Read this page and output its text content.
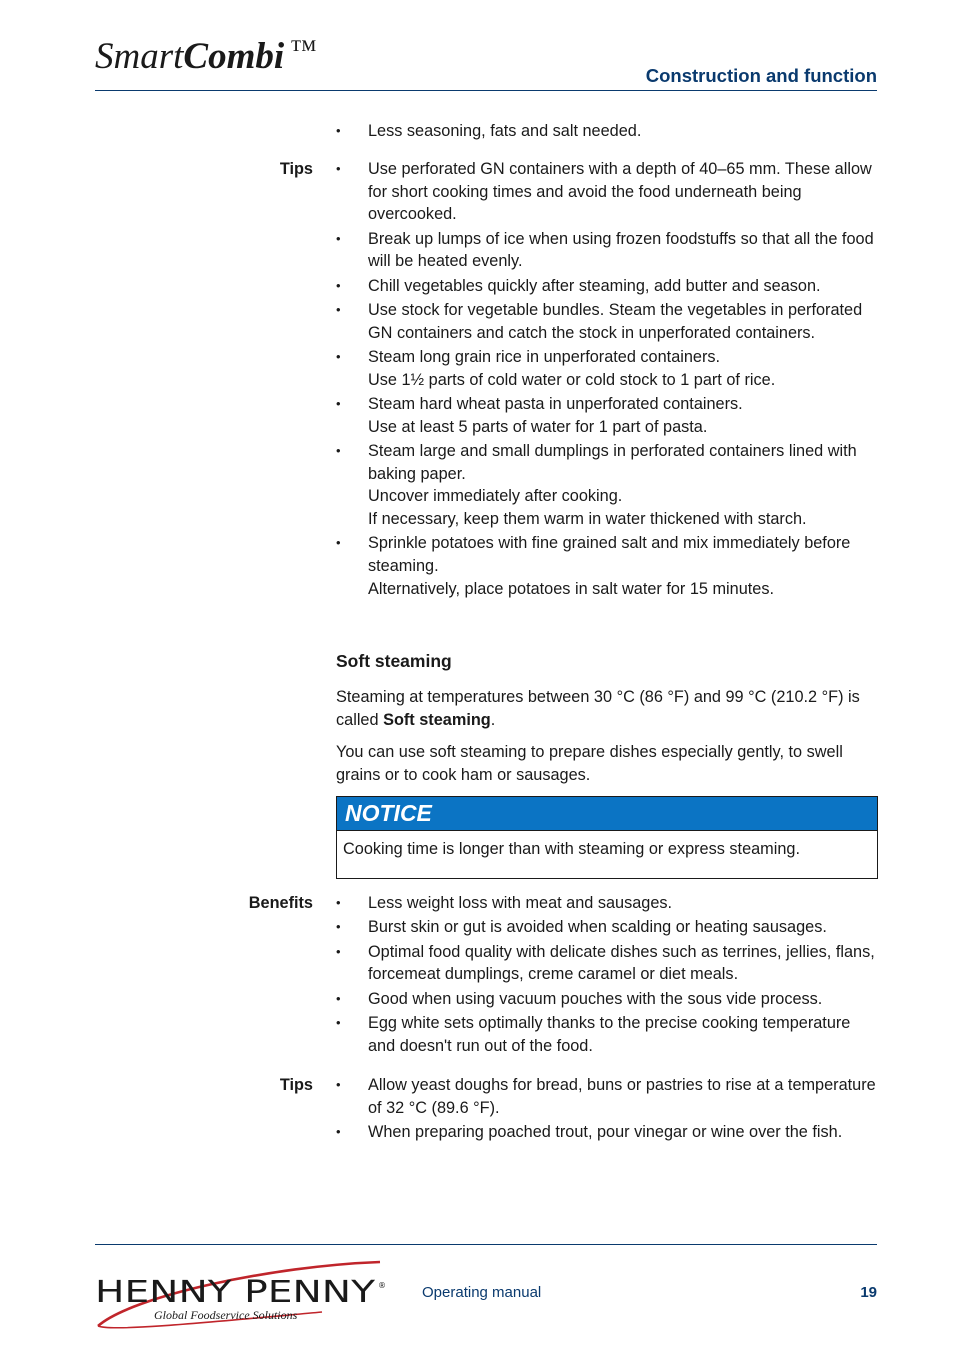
SmartCombi ™
Construction and function
• Less seasoning, fats and salt needed.
Tips • Use perforated GN containers with a depth of 40–65 mm. These allow for short cooking times and avoid the food underneath being overcooked.
• Break up lumps of ice when using frozen foodstuffs so that all the food will be heated evenly.
• Chill vegetables quickly after steaming, add butter and season.
• Use stock for vegetable bundles. Steam the vegetables in perforated GN containers and catch the stock in unperforated containers.
• Steam long grain rice in unperforated containers.
Use 1½ parts of cold water or cold stock to 1 part of rice.
• Steam hard wheat pasta in unperforated containers.
Use at least 5 parts of water for 1 part of pasta.
• Steam large and small dumplings in perforated containers lined with baking paper.
Uncover immediately after cooking.
If necessary, keep them warm in water thickened with starch.
• Sprinkle potatoes with fine grained salt and mix immediately before steaming.
Alternatively, place potatoes in salt water for 15 minutes.
Soft steaming
Steaming at temperatures between 30 °C (86 °F) and 99 °C (210.2 °F) is called Soft steaming.
You can use soft steaming to prepare dishes especially gently, to swell grains or to cook ham or sausages.
NOTICE
Cooking time is longer than with steaming or express steaming.
Benefits • Less weight loss with meat and sausages.
• Burst skin or gut is avoided when scalding or heating sausages.
• Optimal food quality with delicate dishes such as terrines, jellies, flans, forcemeat dumplings, creme caramel or diet meals.
• Good when using vacuum pouches with the sous vide process.
• Egg white sets optimally thanks to the precise cooking temperature and doesn't run out of the food.
Tips • Allow yeast doughs for bread, buns or pastries to rise at a temperature of 32 °C (89.6 °F).
• When preparing poached trout, pour vinegar or wine over the fish.
HENNY PENNY ®
Global Foodservice Solutions
Operating manual	19
